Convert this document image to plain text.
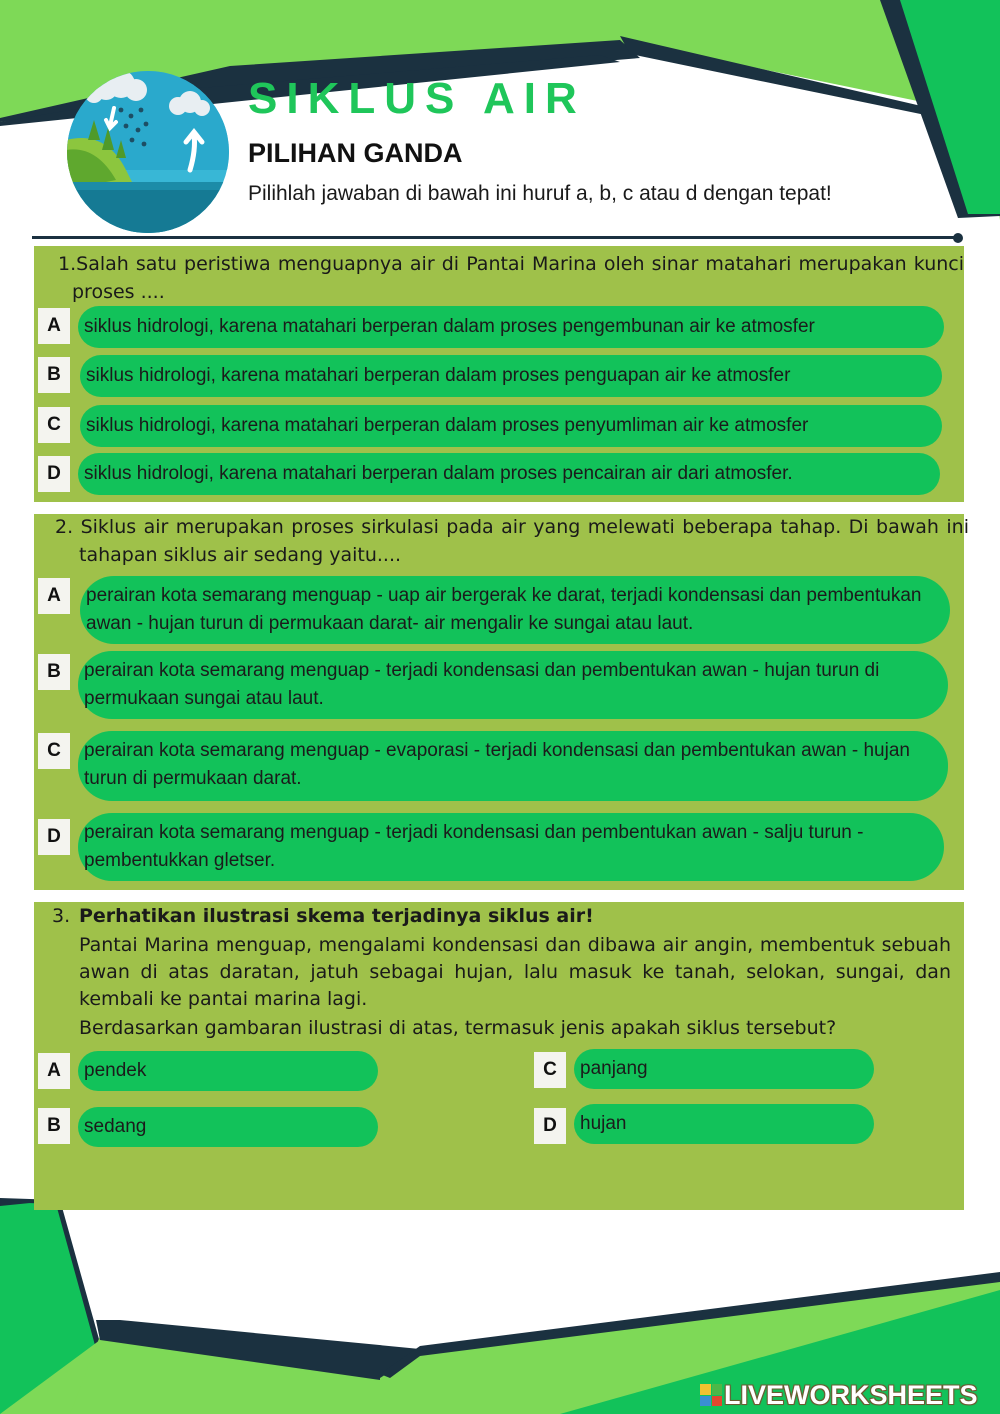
SIKLUS AIR
PILIHAN GANDA
Pilihlah jawaban di bawah ini huruf a, b, c atau d dengan tepat!
1.Salah satu peristiwa menguapnya air di Pantai Marina oleh sinar matahari merupakan kunci proses ....
A	siklus hidrologi, karena matahari berperan dalam proses pengembunan air ke atmosfer
B	siklus hidrologi, karena matahari berperan dalam proses penguapan air ke atmosfer
C	siklus hidrologi, karena matahari berperan dalam proses penyumliman air ke atmosfer
D	siklus hidrologi, karena matahari berperan dalam proses pencairan air dari atmosfer.
2. Siklus air merupakan proses sirkulasi pada air yang melewati beberapa tahap. Di bawah ini tahapan siklus air sedang yaitu....
A	perairan kota semarang menguap - uap air bergerak ke darat, terjadi kondensasi dan pembentukan awan - hujan turun di permukaan darat- air mengalir ke sungai atau laut.
B	perairan kota semarang menguap - terjadi kondensasi dan pembentukan awan - hujan turun di permukaan sungai atau laut.
C	perairan kota semarang menguap - evaporasi - terjadi kondensasi dan pembentukan awan - hujan turun di permukaan darat.
D	perairan kota semarang menguap - terjadi kondensasi dan pembentukan awan - salju turun - pembentukkan gletser.
3. Perhatikan ilustrasi skema terjadinya siklus air!
Pantai Marina menguap, mengalami kondensasi dan dibawa air angin, membentuk sebuah awan di atas daratan, jatuh sebagai hujan, lalu masuk ke tanah, selokan, sungai, dan kembali ke pantai marina lagi.
Berdasarkan gambaran ilustrasi di atas, termasuk jenis apakah siklus tersebut?
A	pendek
B	sedang
C	panjang
D	hujan
LIVEWORKSHEETS
